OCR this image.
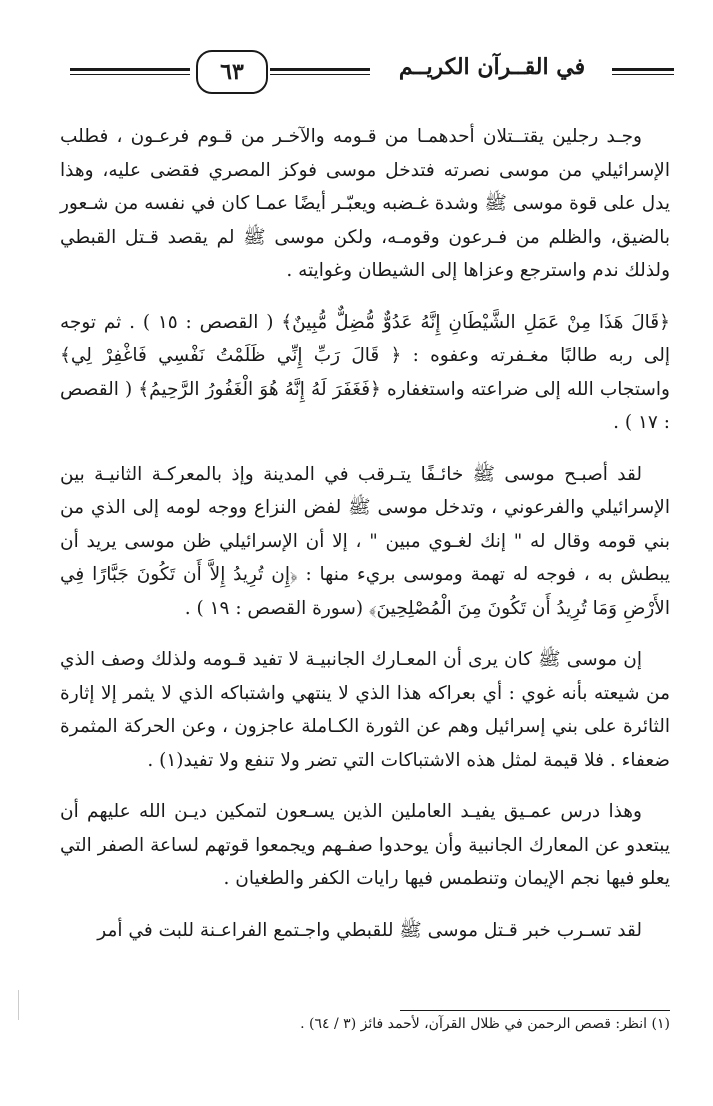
٦٣	في القــرآن الكريــم

وجـد رجلين يقتــتلان أحدهمـا من قـومه والآخـر من قـوم فرعـون ، فطلب الإسرائيلي من موسى نصرته فتدخل موسى فوكز المصري فقضى عليه، وهذا يدل على قوة موسى ﷺ وشدة غـضبه ويعبّـر أيضًا عمـا كان في نفسه من شـعور بالضيق، والظلم من فـرعون وقومـه، ولكن موسى ﷺ لم يقصد قـتل القبطي ولذلك ندم واسترجع وعزاها إلى الشيطان وغوايته .

﴿قَالَ هَذَا مِنْ عَمَلِ الشَّيْطَانِ إِنَّهُ عَدُوٌّ مُّضِلٌّ مُّبِينٌ﴾ ( القصص : ١٥ ) . ثم توجه إلى ربه طالبًا مغـفرته وعفوه : ﴿ قَالَ رَبِّ إِنِّي ظَلَمْتُ نَفْسِي فَاغْفِرْ لِي﴾ واستجاب الله إلى ضراعته واستغفاره ﴿فَغَفَرَ لَهُ إِنَّهُ هُوَ الْغَفُورُ الرَّحِيمُ﴾ ( القصص : ١٧ ) .

لقد أصبـح موسى ﷺ خائـفًا يتـرقب في المدينة وإذ بالمعركـة الثانيـة بين الإسرائيلي والفرعوني ، وتدخل موسى ﷺ لفض النزاع ووجه لومه إلى الذي من بني قومه وقال له " إنك لغـوي مبين " ، إلا أن الإسرائيلي ظن موسى يريد أن يبطش به ، فوجه له تهمة وموسى بريء منها : ﴿إِن تُرِيدُ إِلاَّ أَن تَكُونَ جَبَّارًا فِي الأَرْضِ وَمَا تُرِيدُ أَن تَكُونَ مِنَ الْمُصْلِحِينَ﴾ (سورة القصص : ١٩ ) .

إن موسى ﷺ كان يرى أن المعـارك الجانبيـة لا تفيد قـومه ولذلك وصف الذي من شيعته بأنه غوي : أي بعراكه هذا الذي لا ينتهي واشتباكه الذي لا يثمر إلا إثارة الثائرة على بني إسرائيل وهم عن الثورة الكـاملة عاجزون ، وعن الحركة المثمرة ضعفاء . فلا قيمة لمثل هذه الاشتباكات التي تضر ولا تنفع ولا تفيد(١) .

وهذا درس عمـيق يفيـد العاملين الذين يسـعون لتمكين ديـن الله عليهم أن يبتعدو عن المعارك الجانبية وأن يوحدوا صفـهم ويجمعوا قوتهم لساعة الصفر التي يعلو فيها نجم الإيمان وتنطمس فيها رايات الكفر والطغيان .

لقد تسـرب خبر قـتل موسى ﷺ للقبطي واجـتمع الفراعـنة للبت في أمر

(١) انظر: قصص الرحمن في ظلال القرآن، لأحمد فائز (٣ / ٦٤) .
